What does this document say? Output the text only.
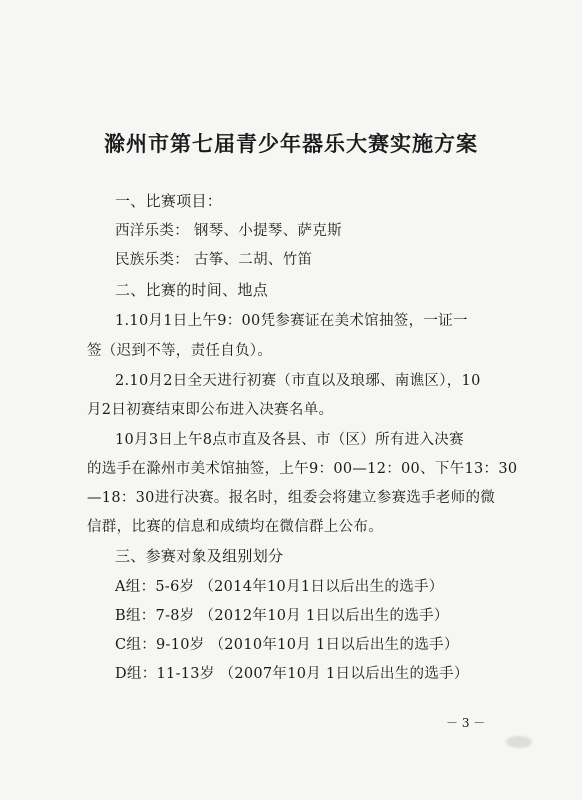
滁州市第七届青少年器乐大赛实施方案
一、比赛项目：
西洋乐类： 钢琴、小提琴、萨克斯
民族乐类： 古筝、二胡、竹笛
二、比赛的时间、地点
1.10月1日上午9：00凭参赛证在美术馆抽签，一证一
签（迟到不等，责任自负）。
2.10月2日全天进行初赛（市直以及琅琊、南谯区），10
月2日初赛结束即公布进入决赛名单。
10月3日上午8点市直及各县、市（区）所有进入决赛
的选手在滁州市美术馆抽签，上午9：00—12：00、下午13：30
—18：30进行决赛。报名时，组委会将建立参赛选手老师的微
信群，比赛的信息和成绩均在微信群上公布。
三、参赛对象及组别划分
A组：5-6岁 （2014年10月1日以后出生的选手）
B组：7-8岁 （2012年10月 1日以后出生的选手）
C组：9-10岁 （2010年10月 1日以后出生的选手）
D组：11-13岁 （2007年10月 1日以后出生的选手）
－ 3 －
